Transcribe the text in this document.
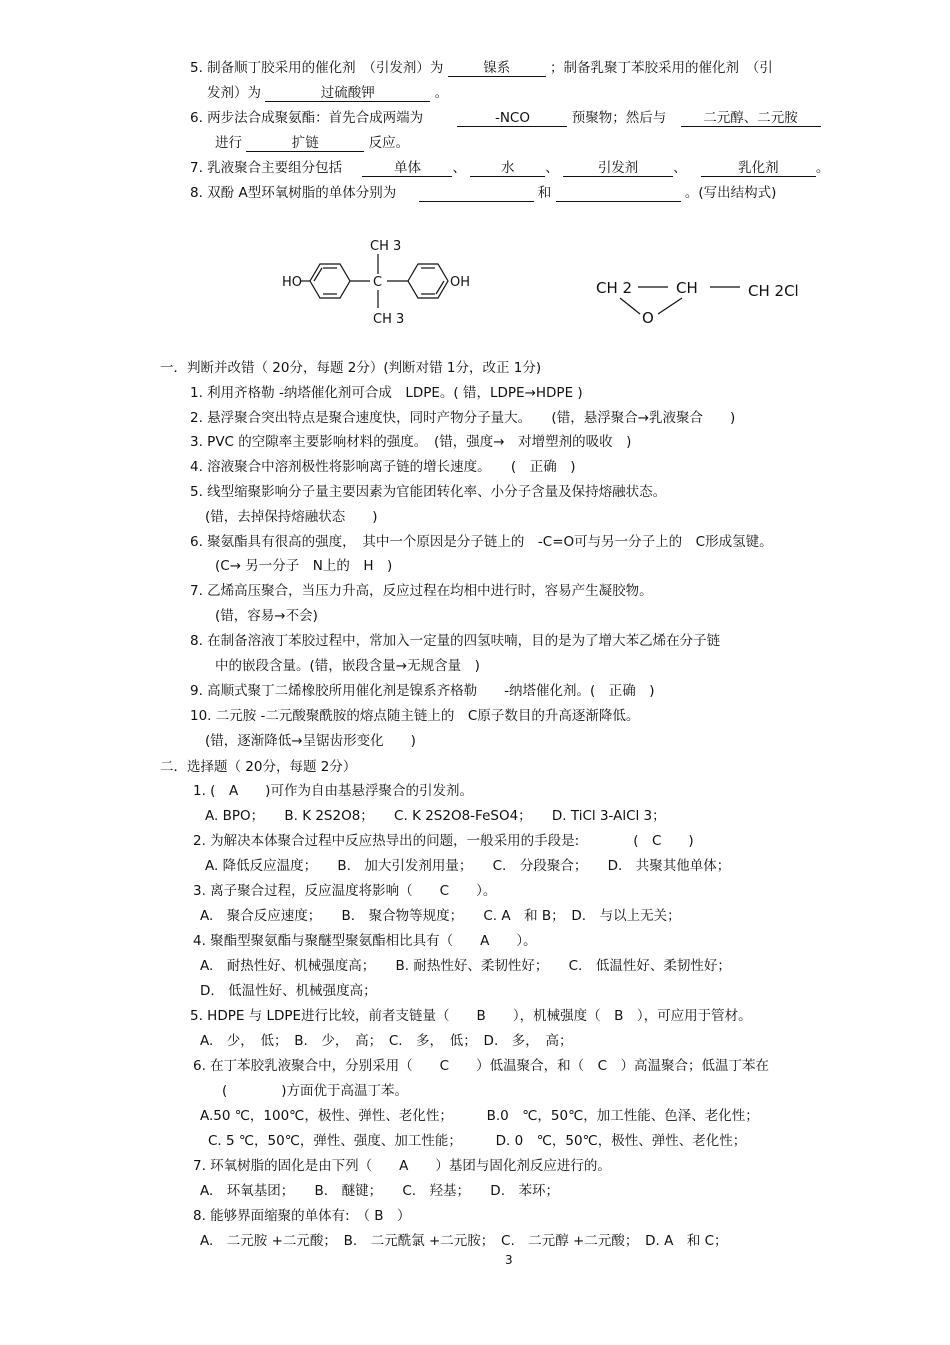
5. 制备顺丁胶采用的催化剂　（引发剂）为	镍系	；制备乳聚丁苯胶采用的催化剂　（引
发剂）为	过硫酸钾	。
6. 两步法合成聚氨酯：首先合成两端为	-NCO	预聚物；然后与	二元醇、二元胺
进行	扩链	反应。
7. 乳液聚合主要组分包括	单体 、	水 、	引发剂	、	乳化剂	。
8. 双酚 A型环氧树脂的单体分别为	和	。(写出结构式)
HO	C
CH 3
CH 3
OH	CH 2	CH	CH 2Cl
O
一．判断并改错（ 20分，每题 2分）(判断对错 1分，改正 1分)
1. 利用齐格勒 -纳塔催化剂可合成　LDPE。( 错，LDPE→HDPE )
2. 悬浮聚合突出特点是聚合速度快，同时产物分子量大。　　(错，悬浮聚合→乳液聚合　　)
3. PVC 的空隙率主要影响材料的强度。　(错，强度→　对增塑剂的吸收　)
4. 溶液聚合中溶剂极性将影响离子链的增长速度。　　(　正确　)
5. 线型缩聚影响分子量主要因素为官能团转化率、小分子含量及保持熔融状态。
(错，去掉保持熔融状态　　)
6. 聚氨酯具有很高的强度，　其中一个原因是分子链上的　-C=O可与另一分子上的　C形成氢键。
(C→ 另一分子　N上的　H　)
7. 乙烯高压聚合，当压力升高，反应过程在均相中进行时，容易产生凝胶物。
(错，容易→不会)
8. 在制备溶液丁苯胶过程中，常加入一定量的四氢呋喃，目的是为了增大苯乙烯在分子链
中的嵌段含量。(错，嵌段含量→无规含量　)
9. 高顺式聚丁二烯橡胶所用催化剂是镍系齐格勒　　-纳塔催化剂。(　正确　)
10. 二元胺 -二元酸聚酰胺的熔点随主链上的　C原子数目的升高逐渐降低。
(错，逐渐降低→呈锯齿形变化　　)
二．选择题（ 20分，每题 2分）
1. (　A　　)可作为自由基悬浮聚合的引发剂。
A. BPO；　　B. K 2S2O8；　　C. K 2S2O8-FeSO4；　　D. TiCl 3-AlCl 3；
2. 为解决本体聚合过程中反应热导出的问题，一般采用的手段是:　　　　(　C　　)
A. 降低反应温度；　　B.　加大引发剂用量；　　C.　分段聚合；　　D.　共聚其他单体；
3. 离子聚合过程，反应温度将影响（　　C　　）。
A.　聚合反应速度；　　B.　聚合物等规度；　　C. A　和 B；　D.　与以上无关；
4. 聚酯型聚氨酯与聚醚型聚氨酯相比具有（　　A　　）。
A.　耐热性好、机械强度高；　　B. 耐热性好、柔韧性好；　　C.　低温性好、柔韧性好；
D.　低温性好、机械强度高；
5. HDPE 与 LDPE进行比较，前者支链量（　　B　　），机械强度（　B　），可应用于管材。
A.　少，　低；　B.　少，　高；　C.　多，　低；　D.　多，　高；
6. 在丁苯胶乳液聚合中，分别采用（　　C　　）低温聚合，和（　C　）高温聚合；低温丁苯在
(　　　　)方面优于高温丁苯。
A.50 ℃，100℃，极性、弹性、老化性；　　　B.0　℃，50℃，加工性能、色泽、老化性；
C. 5 ℃，50℃，弹性、强度、加工性能；　　　D. 0　℃，50℃，极性、弹性、老化性；
7. 环氧树脂的固化是由下列（　　A　　）基团与固化剂反应进行的。
A.　环氧基团；　　B.　醚键；　　C.　羟基；　　D.　苯环；
8. 能够界面缩聚的单体有:　（ B　）
A.　二元胺 +二元酸；　B.　二元酰氯 +二元胺；　C.　二元醇 +二元酸；　D. A　和 C；
3
